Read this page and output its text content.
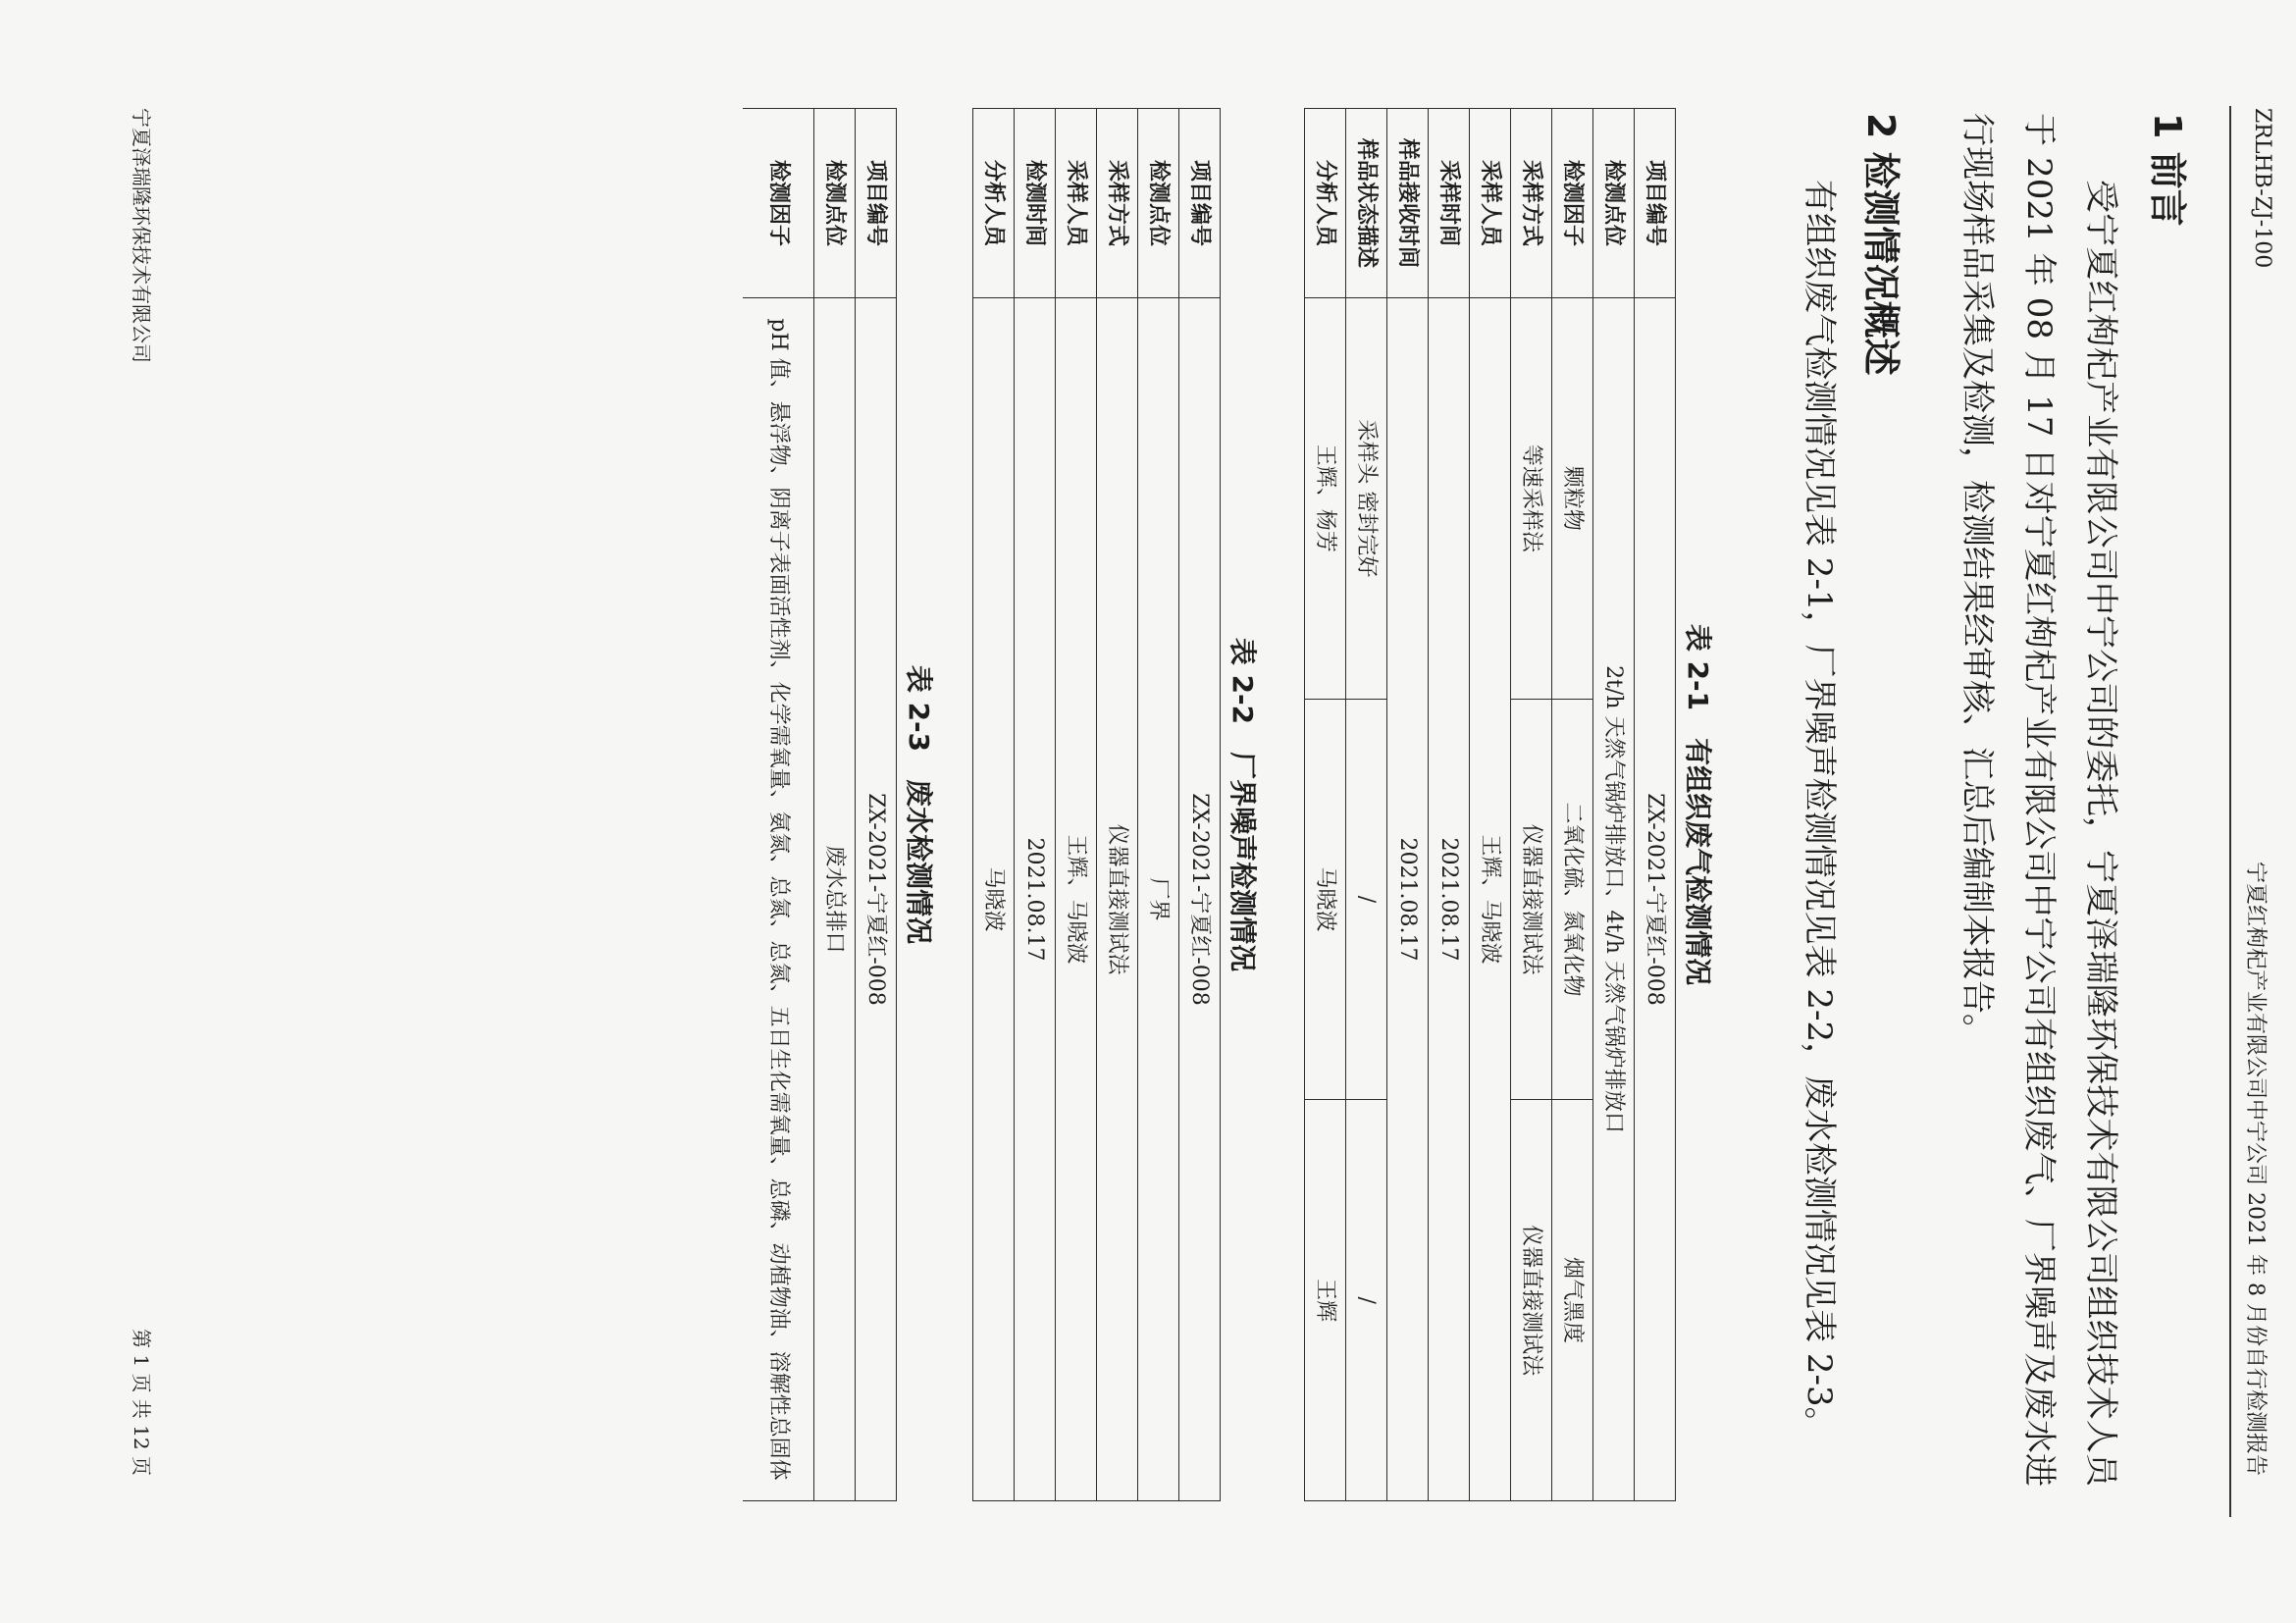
ZRLHB-ZJ-100
宁夏红枸杞产业有限公司中宁公司 2021 年 8 月份自行检测报告
1 前言
受宁夏红枸杞产业有限公司中宁公司的委托，宁夏泽瑞隆环保技术有限公司组织技术人员于 2021 年 08 月 17 日对宁夏红枸杞产业有限公司中宁公司有组织废气、厂界噪声及废水进行现场样品采集及检测，检测结果经审核、汇总后编制本报告。
2 检测情况概述
有组织废气检测情况见表 2-1，厂界噪声检测情况见表 2-2，废水检测情况见表 2-3。
表 2-1　有组织废气检测情况
项目编号	ZX-2021-宁夏红-008		
检测点位	2t/h 天然气锅炉排放口、4t/h 天然气锅炉排放口		
检测因子	颗粒物	二氧化硫、氮氧化物	烟气黑度
采样方式	等速采样法	仪器直接测试法	仪器直接测试法
采样人员	王辉、马晓波		
采样时间	2021.08.17		
样品接收时间	2021.08.17		
样品状态描述	采样头 密封完好	/	/
分析人员	王辉、杨芳	马晓波	王辉
表 2-2　厂界噪声检测情况
项目编号	ZX-2021-宁夏红-008
检测点位	厂界
采样方式	仪器直接测试法
采样人员	王辉、马晓波
检测时间	2021.08.17
分析人员	马晓波
表 2-3　废水检测情况
项目编号	ZX-2021-宁夏红-008
检测点位	废水总排口
检测因子	pH 值、悬浮物、阴离子表面活性剂、化学需氧量、氨氮、总氮、总氮、五日生化需氧量、总磷、动植物油、溶解性总固体
宁夏泽瑞隆环保技术有限公司
第 1 页 共 12 页
